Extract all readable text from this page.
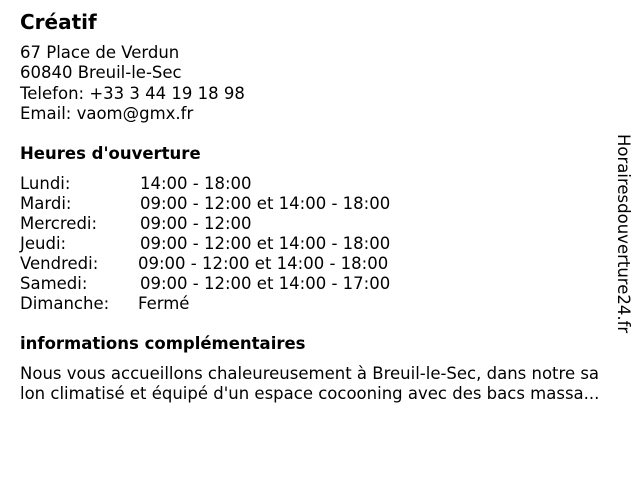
Créatif
67 Place de Verdun
60840 Breuil-le-Sec
Telefon: +33 3 44 19 18 98
Email: vaom@gmx.fr
Heures d'ouverture
Lundi:	14:00 - 18:00
Mardi:	09:00 - 12:00 et 14:00 - 18:00
Mercredi:	09:00 - 12:00
Jeudi:	09:00 - 12:00 et 14:00 - 18:00
Vendredi: 09:00 - 12:00 et 14:00 - 18:00
Samedi:	09:00 - 12:00 et 14:00 - 17:00
Dimanche: Fermé
informations complémentaires
Nous vous accueillons chaleureusement à Breuil-le-Sec, dans notre sa
lon climatisé et équipé d'un espace cocooning avec des bacs massa...
Horairesdouverture24.fr
